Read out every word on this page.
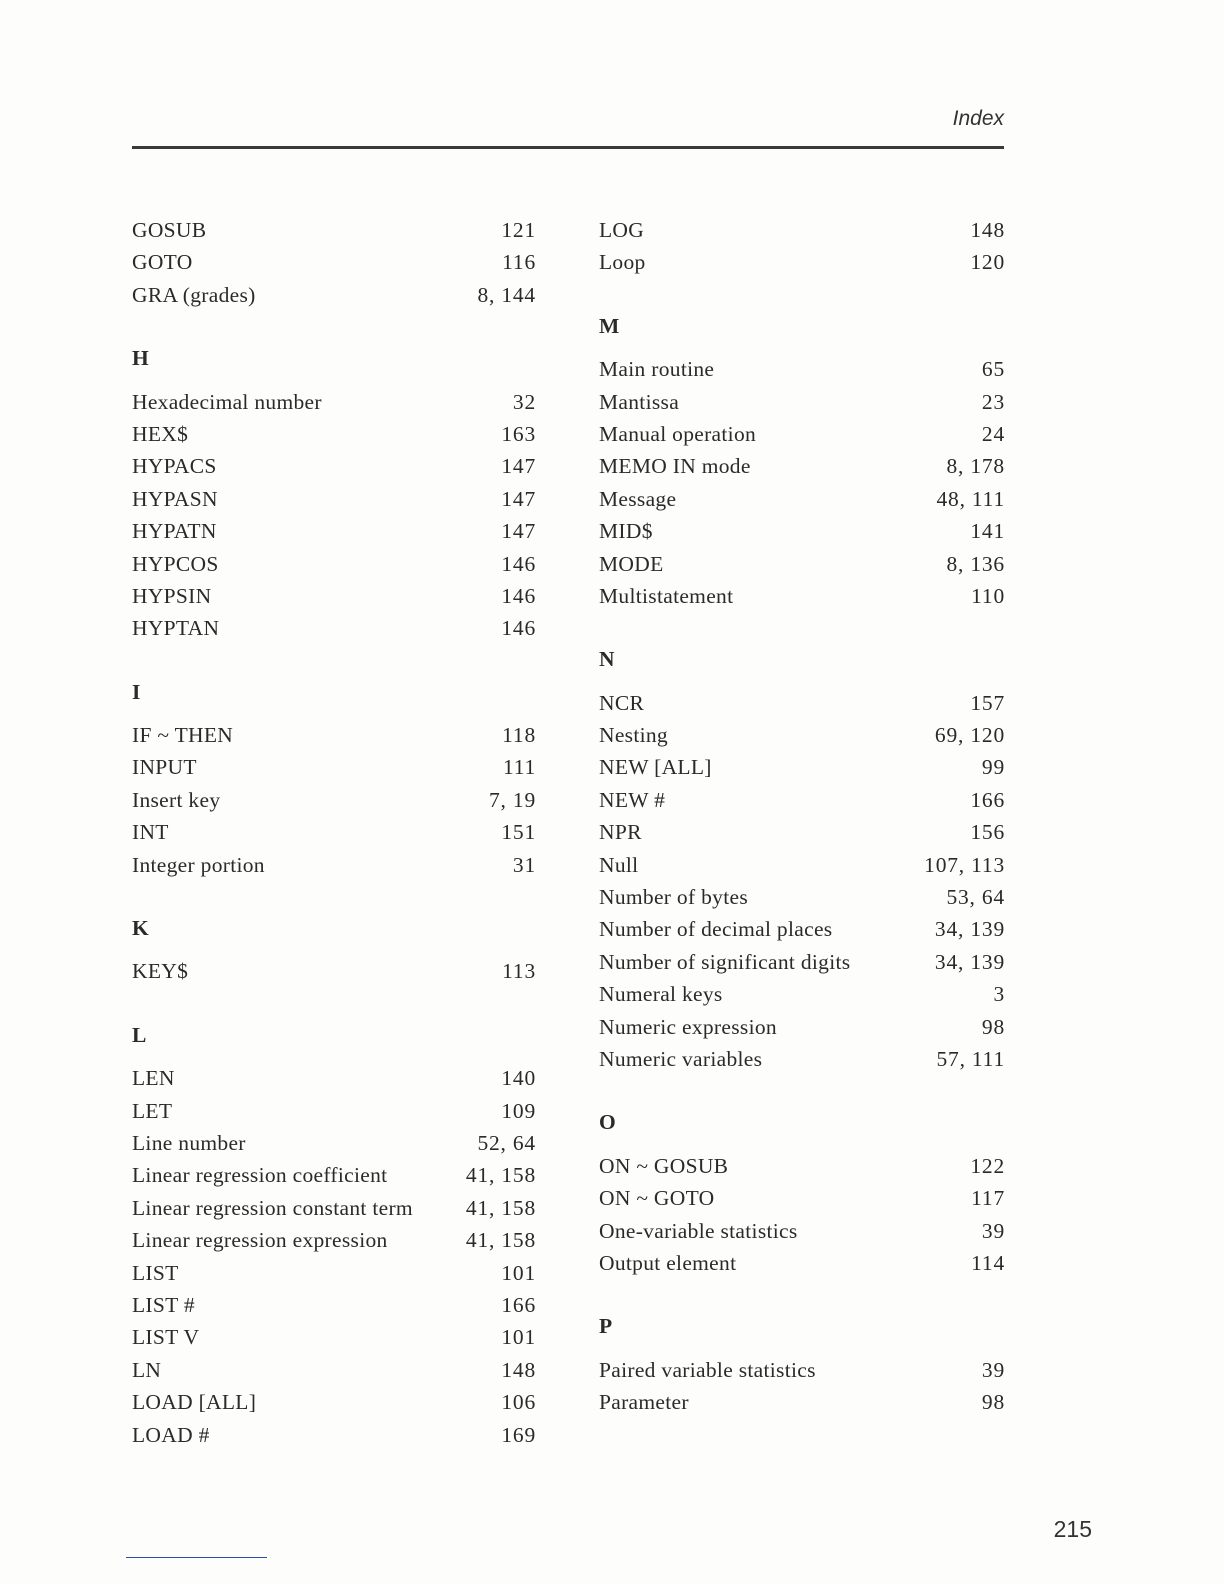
Index
GOSUB	121
GOTO	116
GRA (grades)	8, 144
H
Hexadecimal number	32
HEX$	163
HYPACS	147
HYPASN	147
HYPATN	147
HYPCOS	146
HYPSIN	146
HYPTAN	146
I
IF ~ THEN	118
INPUT	111
Insert key	7, 19
INT	151
Integer portion	31
K
KEY$	113
L
LEN	140
LET	109
Line number	52, 64
Linear regression coefficient	41, 158
Linear regression constant term 41, 158
Linear regression expression	41, 158
LIST	101
LIST #	166
LIST V	101
LN	148
LOAD [ALL]	106
LOAD #	169
LOG	148
Loop	120
M
Main routine	65
Mantissa	23
Manual operation	24
MEMO IN mode	8, 178
Message	48, 111
MID$	141
MODE	8, 136
Multistatement	110
N
NCR	157
Nesting	69, 120
NEW [ALL]	99
NEW #	166
NPR	156
Null	107, 113
Number of bytes	53, 64
Number of decimal places	34, 139
Number of significant digits	34, 139
Numeral keys	3
Numeric expression	98
Numeric variables	57, 111
O
ON ~ GOSUB	122
ON ~ GOTO	117
One-variable statistics	39
Output element	114
P
Paired variable statistics	39
Parameter	98
215
